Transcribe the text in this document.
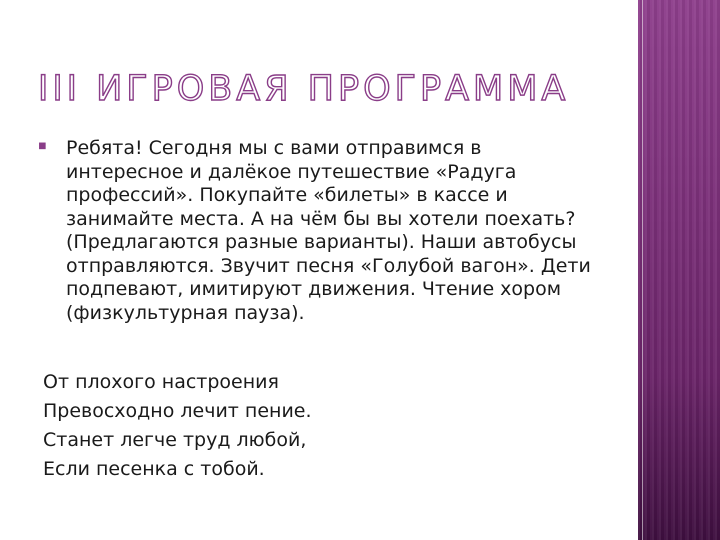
III ИГРОВАЯ ПРОГРАММА
◾ Ребята! Сегодня мы с вами отправимся в интересное и далёкое путешествие «Радуга профессий». Покупайте «билеты» в кассе и занимайте места. А на чём бы вы хотели поехать? (Предлагаются разные варианты). Наши автобусы отправляются. Звучит песня «Голубой вагон». Дети подпевают, имитируют движения. Чтение хором (физкультурная пауза).

От плохого настроения
Превосходно лечит пение.
Станет легче труд любой,
Если песенка с тобой.
